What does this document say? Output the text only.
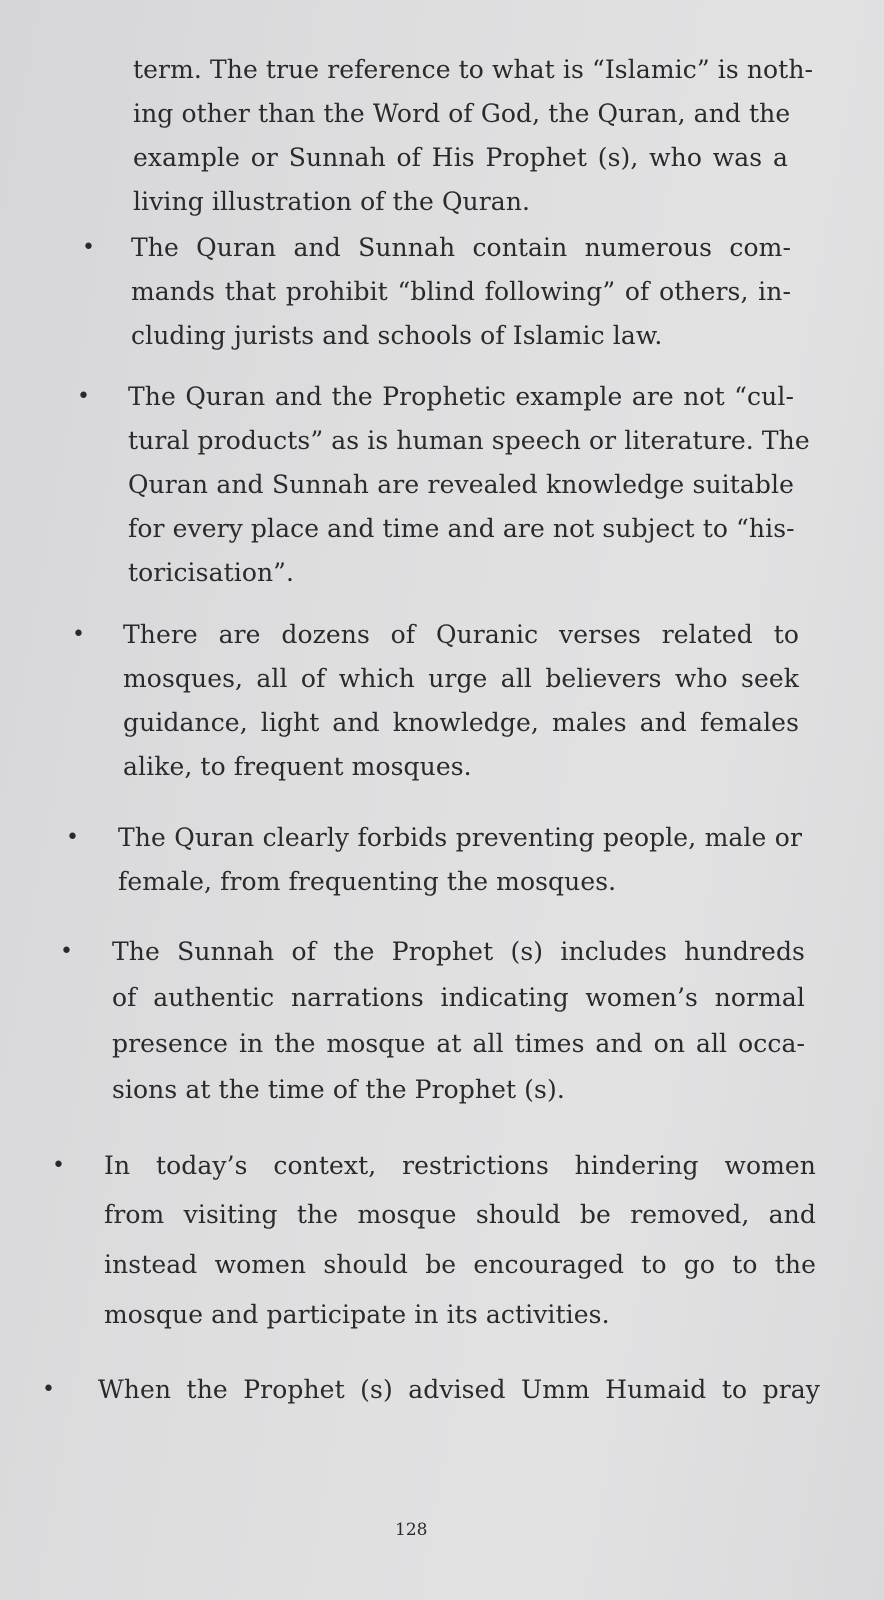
term. The true reference to what is “Islamic” is noth-
ing other than the Word of God, the Quran, and the
example or Sunnah of His Prophet (s), who was a
living illustration of the Quran.
• The Quran and Sunnah contain numerous com-
mands that prohibit “blind following” of others, in-
cluding jurists and schools of Islamic law.
• The Quran and the Prophetic example are not “cul-
tural products” as is human speech or literature. The
Quran and Sunnah are revealed knowledge suitable
for every place and time and are not subject to “his-
toricisation”.
• There are dozens of Quranic verses related to
mosques, all of which urge all believers who seek
guidance, light and knowledge, males and females
alike, to frequent mosques.
• The Quran clearly forbids preventing people, male or
female, from frequenting the mosques.
• The Sunnah of the Prophet (s) includes hundreds
of authentic narrations indicating women’s normal
presence in the mosque at all times and on all occa-
sions at the time of the Prophet (s).
• In today’s context, restrictions hindering women
from visiting the mosque should be removed, and
instead women should be encouraged to go to the
mosque and participate in its activities.
• When the Prophet (s) advised Umm Humaid to pray
128
